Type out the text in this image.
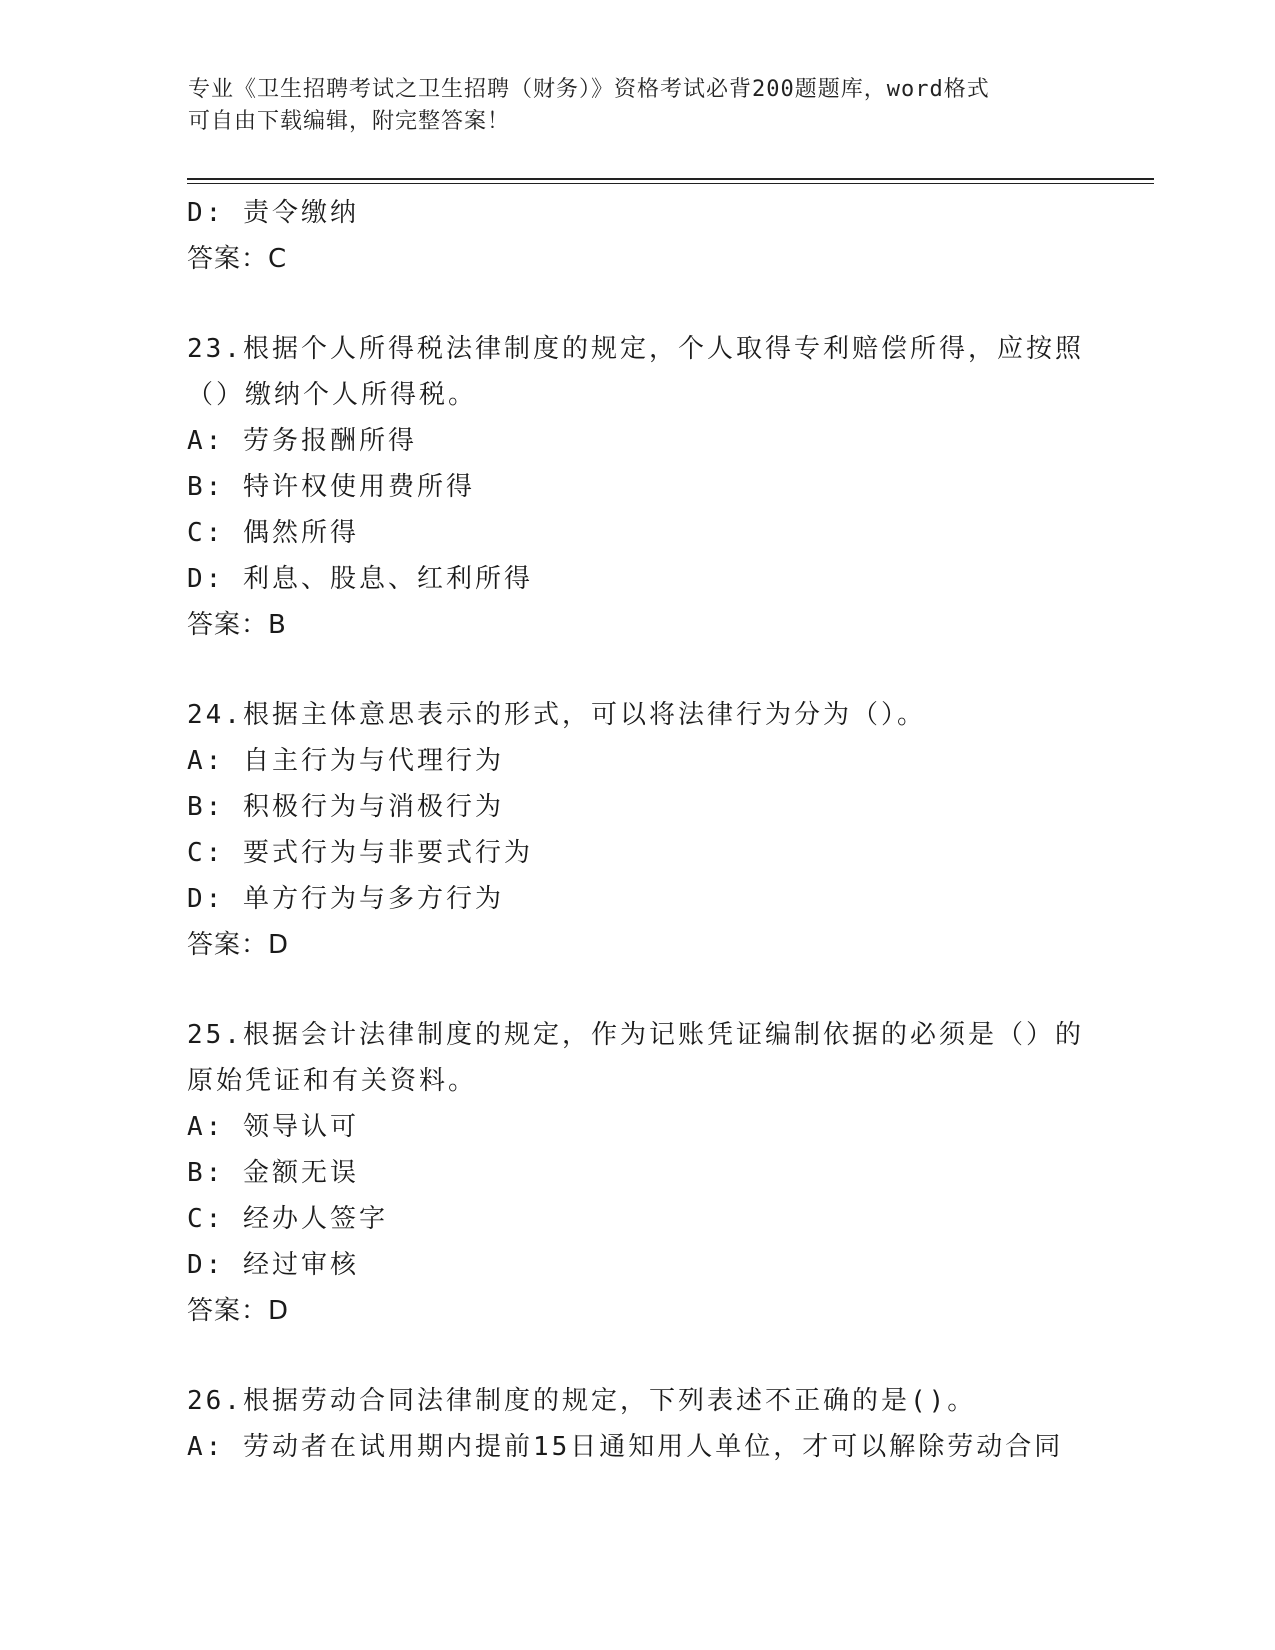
专业《卫生招聘考试之卫生招聘（财务）》资格考试必背200题题库，word格式
可自由下载编辑，附完整答案！
D: 责令缴纳
答案：C
23.根据个人所得税法律制度的规定，个人取得专利赔偿所得，应按照
（）缴纳个人所得税。
A: 劳务报酬所得
B: 特许权使用费所得
C: 偶然所得
D: 利息、股息、红利所得
答案：B
24.根据主体意思表示的形式，可以将法律行为分为（）。
A: 自主行为与代理行为
B: 积极行为与消极行为
C: 要式行为与非要式行为
D: 单方行为与多方行为
答案：D
25.根据会计法律制度的规定，作为记账凭证编制依据的必须是（）的
原始凭证和有关资料。
A: 领导认可
B: 金额无误
C: 经办人签字
D: 经过审核
答案：D
26.根据劳动合同法律制度的规定，下列表述不正确的是()。
A: 劳动者在试用期内提前15日通知用人单位，才可以解除劳动合同
